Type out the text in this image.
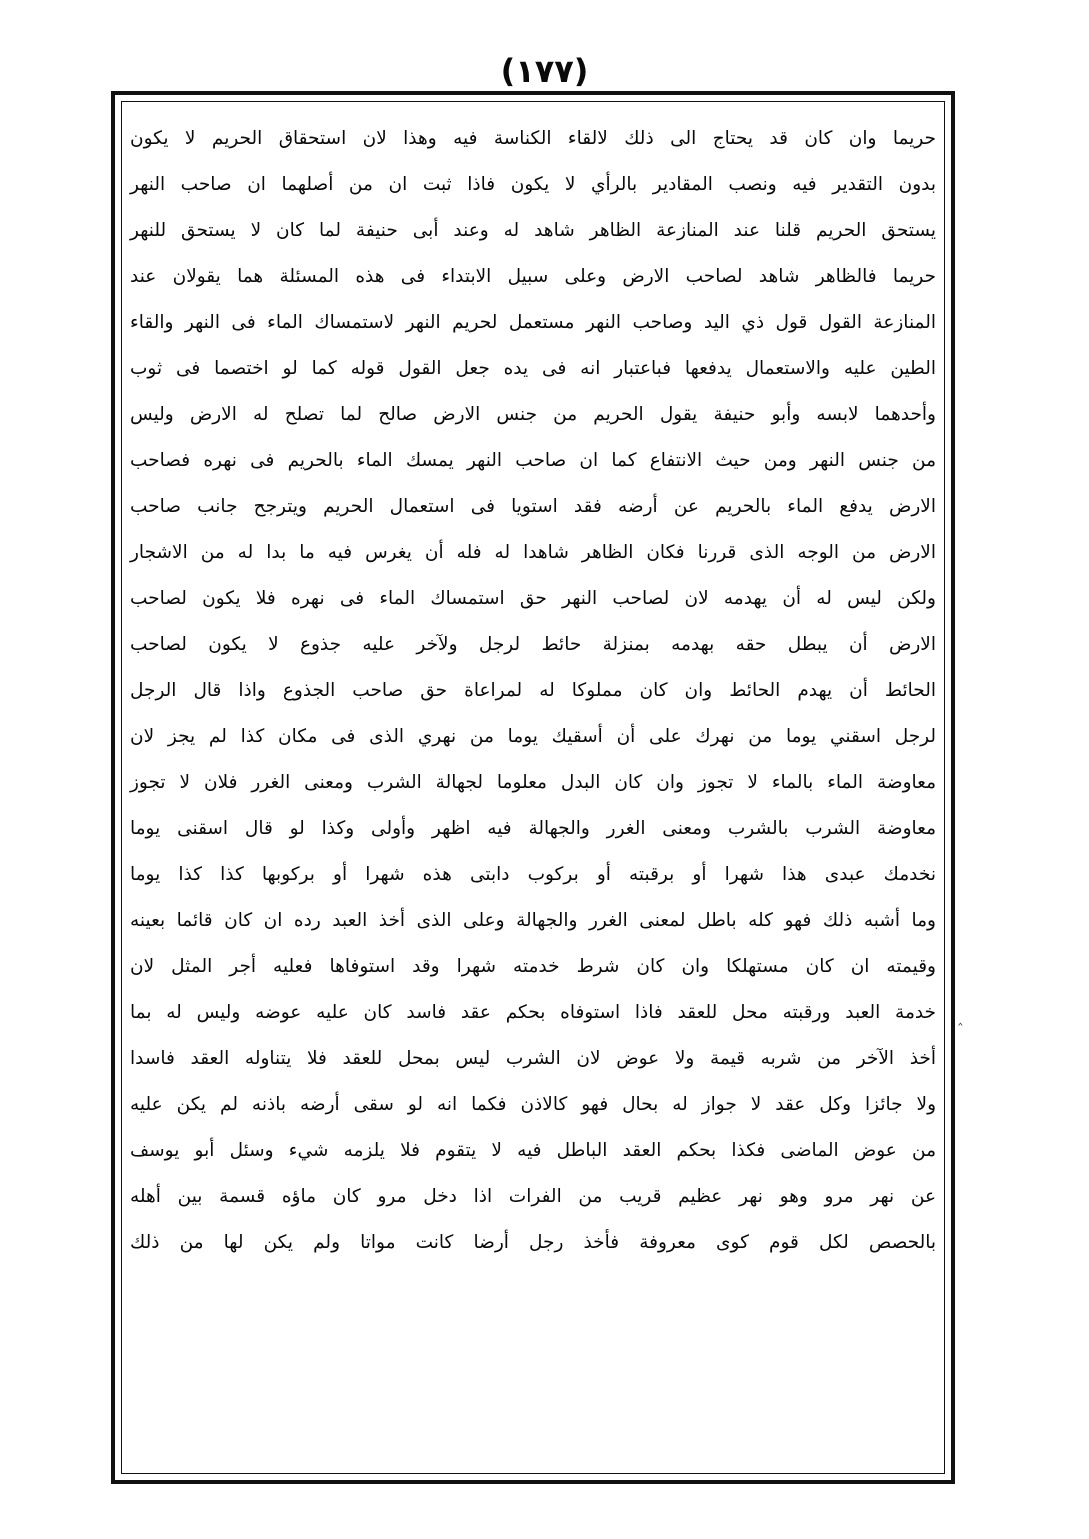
(١٧٧)
حريما وان كان قد يحتاج الى ذلك لالقاء الكناسة فيه وهذا لان استحقاق الحريم لا يكون
بدون التقدير فيه ونصب المقادير بالرأي لا يكون فاذا ثبت ان من أصلهما ان صاحب النهر
يستحق الحريم قلنا عند المنازعة الظاهر شاهد له وعند أبى حنيفة لما كان لا يستحق للنهر
حريما فالظاهر شاهد لصاحب الارض وعلى سبيل الابتداء فى هذه المسئلة هما يقولان عند
المنازعة القول قول ذي اليد وصاحب النهر مستعمل لحريم النهر لاستمساك الماء فى النهر والقاء
الطين عليه والاستعمال يدفعها فباعتبار انه فى يده جعل القول قوله كما لو اختصما فى ثوب
وأحدهما لابسه وأبو حنيفة يقول الحريم من جنس الارض صالح لما تصلح له الارض وليس
من جنس النهر ومن حيث الانتفاع كما ان صاحب النهر يمسك الماء بالحريم فى نهره فصاحب
الارض يدفع الماء بالحريم عن أرضه فقد استويا فى استعمال الحريم ويترجح جانب صاحب
الارض من الوجه الذى قررنا فكان الظاهر شاهدا له فله أن يغرس فيه ما بدا له من الاشجار
ولكن ليس له أن يهدمه لان لصاحب النهر حق استمساك الماء فى نهره فلا يكون لصاحب
الارض أن يبطل حقه بهدمه بمنزلة حائط لرجل ولآخر عليه جذوع لا يكون لصاحب
الحائط أن يهدم الحائط وان كان مملوكا له لمراعاة حق صاحب الجذوع واذا قال الرجل
لرجل اسقني يوما من نهرك على أن أسقيك يوما من نهري الذى فى مكان كذا لم يجز لان
معاوضة الماء بالماء لا تجوز وان كان البدل معلوما لجهالة الشرب ومعنى الغرر فلان لا تجوز
معاوضة الشرب بالشرب ومعنى الغرر والجهالة فيه اظهر وأولى وكذا لو قال اسقنى يوما
نخدمك عبدى هذا شهرا أو برقبته أو بركوب دابتى هذه شهرا أو بركوبها كذا كذا يوما
وما أشبه ذلك فهو كله باطل لمعنى الغرر والجهالة وعلى الذى أخذ العبد رده ان كان قائما بعينه
وقيمته ان كان مستهلكا وان كان شرط خدمته شهرا وقد استوفاها فعليه أجر المثل لان
خدمة العبد ورقبته محل للعقد فاذا استوفاه بحكم عقد فاسد كان عليه عوضه وليس له بما
أخذ الآخر من شربه قيمة ولا عوض لان الشرب ليس بمحل للعقد فلا يتناوله العقد فاسدا
ولا جائزا وكل عقد لا جواز له بحال فهو كالاذن فكما انه لو سقى أرضه باذنه لم يكن عليه
من عوض الماضى فكذا بحكم العقد الباطل فيه لا يتقوم فلا يلزمه شيء وسئل أبو يوسف
عن نهر مرو وهو نهر عظيم قريب من الفرات اذا دخل مرو كان ماؤه قسمة بين أهله
بالحصص لكل قوم كوى معروفة فأخذ رجل أرضا كانت مواتا ولم يكن لها من ذلك
‸
